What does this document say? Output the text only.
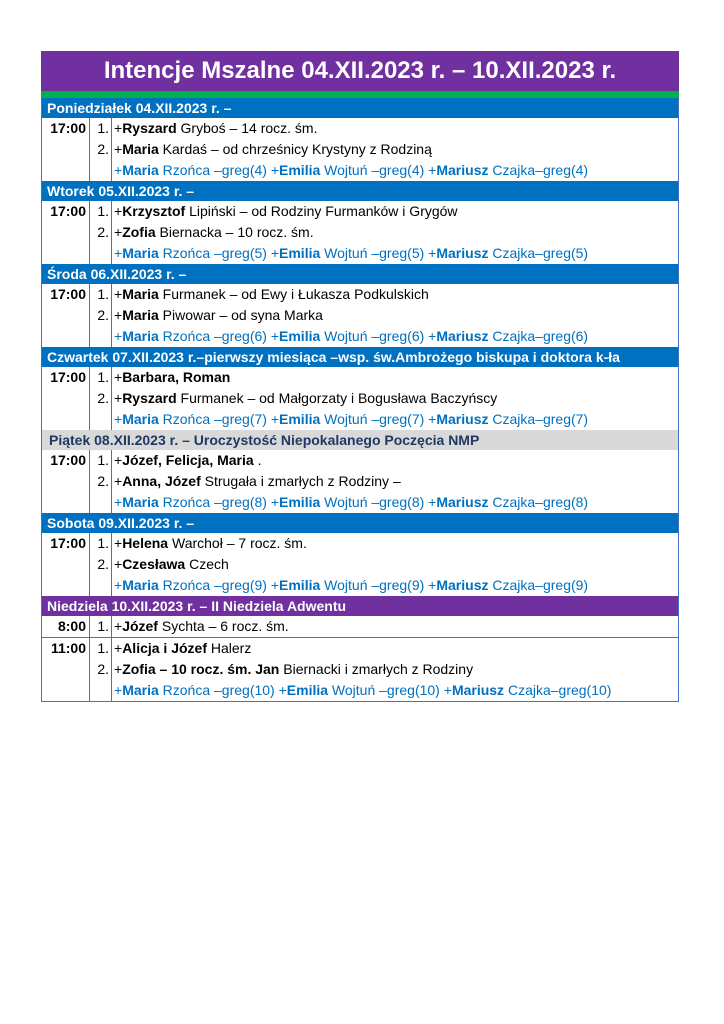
Intencje Mszalne 04.XII.2023 r. – 10.XII.2023 r.
Poniedziałek 04.XII.2023 r. –
17:00 1. +Ryszard Gryboś – 14 rocz. śm.
2. +Maria Kardaś – od chrześnicy Krystyny z Rodziną
+Maria Rzońca –greg(4) +Emilia Wojtuń –greg(4) +Mariusz Czajka–greg(4)
Wtorek 05.XII.2023 r. –
17:00 1. +Krzysztof Lipiński – od Rodziny Furmanków i Grygów
2. +Zofia Biernacka – 10 rocz. śm.
+Maria Rzońca –greg(5) +Emilia Wojtuń –greg(5) +Mariusz Czajka–greg(5)
Środa 06.XII.2023 r. –
17:00 1. +Maria Furmanek – od Ewy i Łukasza Podkulskich
2. +Maria Piwowar – od syna Marka
+Maria Rzońca –greg(6) +Emilia Wojtuń –greg(6) +Mariusz Czajka–greg(6)
Czwartek 07.XII.2023 r.–pierwszy miesiąca –wsp. św.Ambrożego biskupa i doktora k-ła
17:00 1. +Barbara, Roman
2. +Ryszard Furmanek – od Małgorzaty i Bogusława Baczyńscy
+Maria Rzońca –greg(7) +Emilia Wojtuń –greg(7) +Mariusz Czajka–greg(7)
Piątek 08.XII.2023 r. – Uroczystość Niepokalanego Poczęcia NMP
17:00 1. +Józef, Felicja, Maria .
2. +Anna, Józef Strugała i zmarłych z Rodziny –
+Maria Rzońca –greg(8) +Emilia Wojtuń –greg(8) +Mariusz Czajka–greg(8)
Sobota 09.XII.2023 r. –
17:00 1. +Helena Warchoł – 7 rocz. śm.
2. +Czesława Czech
+Maria Rzońca –greg(9) +Emilia Wojtuń –greg(9) +Mariusz Czajka–greg(9)
Niedziela 10.XII.2023 r. – II Niedziela Adwentu
8:00 1. +Józef Sychta – 6 rocz. śm.
11:00 1. +Alicja i Józef Halerz
2. +Zofia – 10 rocz. śm. Jan Biernacki i zmarłych z Rodziny
+Maria Rzońca –greg(10) +Emilia Wojtuń –greg(10) +Mariusz Czajka–greg(10)
